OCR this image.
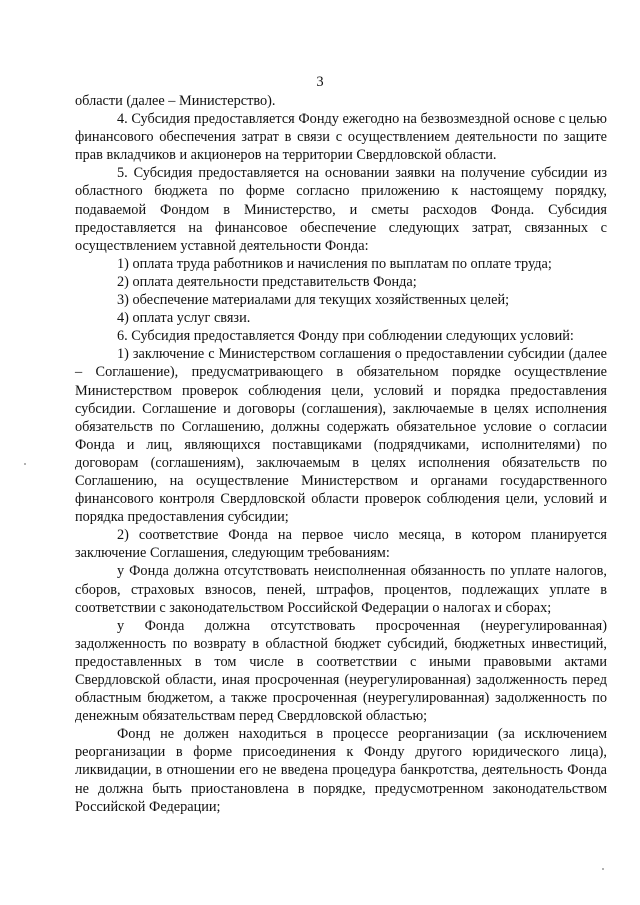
3

области (далее – Министерство).

4. Субсидия предоставляется Фонду ежегодно на безвозмездной основе с целью финансового обеспечения затрат в связи с осуществлением деятельности по защите прав вкладчиков и акционеров на территории Свердловской области.

5. Субсидия предоставляется на основании заявки на получение субсидии из областного бюджета по форме согласно приложению к настоящему порядку, подаваемой Фондом в Министерство, и сметы расходов Фонда. Субсидия предоставляется на финансовое обеспечение следующих затрат, связанных с осуществлением уставной деятельности Фонда:

1) оплата труда работников и начисления по выплатам по оплате труда;

2) оплата деятельности представительств Фонда;

3) обеспечение материалами для текущих хозяйственных целей;

4) оплата услуг связи.

6. Субсидия предоставляется Фонду при соблюдении следующих условий:

1) заключение с Министерством соглашения о предоставлении субсидии (далее – Соглашение), предусматривающего в обязательном порядке осуществление Министерством проверок соблюдения цели, условий и порядка предоставления субсидии. Соглашение и договоры (соглашения), заключаемые в целях исполнения обязательств по Соглашению, должны содержать обязательное условие о согласии Фонда и лиц, являющихся поставщиками (подрядчиками, исполнителями) по договорам (соглашениям), заключаемым в целях исполнения обязательств по Соглашению, на осуществление Министерством и органами государственного финансового контроля Свердловской области проверок соблюдения цели, условий и порядка предоставления субсидии;

2) соответствие Фонда на первое число месяца, в котором планируется заключение Соглашения, следующим требованиям:

у Фонда должна отсутствовать неисполненная обязанность по уплате налогов, сборов, страховых взносов, пеней, штрафов, процентов, подлежащих уплате в соответствии с законодательством Российской Федерации о налогах и сборах;

у Фонда должна отсутствовать просроченная (неурегулированная) задолженность по возврату в областной бюджет субсидий, бюджетных инвестиций, предоставленных в том числе в соответствии с иными правовыми актами Свердловской области, иная просроченная (неурегулированная) задолженность перед областным бюджетом, а также просроченная (неурегулированная) задолженность по денежным обязательствам перед Свердловской областью;

Фонд не должен находиться в процессе реорганизации (за исключением реорганизации в форме присоединения к Фонду другого юридического лица), ликвидации, в отношении его не введена процедура банкротства, деятельность Фонда не должна быть приостановлена в порядке, предусмотренном законодательством Российской Федерации;
